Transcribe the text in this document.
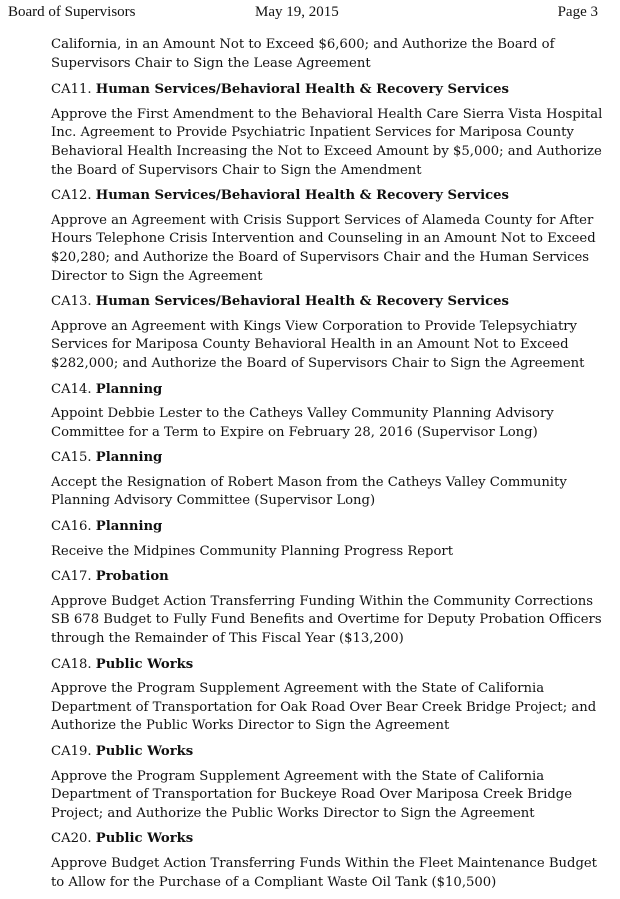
Board of Supervisors	May 19, 2015	Page 3

California, in an Amount Not to Exceed $6,600; and Authorize the Board of Supervisors Chair to Sign the Lease Agreement

CA11. Human Services/Behavioral Health & Recovery Services

Approve the First Amendment to the Behavioral Health Care Sierra Vista Hospital Inc. Agreement to Provide Psychiatric Inpatient Services for Mariposa County Behavioral Health Increasing the Not to Exceed Amount by $5,000; and Authorize the Board of Supervisors Chair to Sign the Amendment

CA12. Human Services/Behavioral Health & Recovery Services

Approve an Agreement with Crisis Support Services of Alameda County for After Hours Telephone Crisis Intervention and Counseling in an Amount Not to Exceed $20,280; and Authorize the Board of Supervisors Chair and the Human Services Director to Sign the Agreement

CA13. Human Services/Behavioral Health & Recovery Services

Approve an Agreement with Kings View Corporation to Provide Telepsychiatry Services for Mariposa County Behavioral Health in an Amount Not to Exceed $282,000; and Authorize the Board of Supervisors Chair to Sign the Agreement

CA14. Planning

Appoint Debbie Lester to the Catheys Valley Community Planning Advisory Committee for a Term to Expire on February 28, 2016 (Supervisor Long)

CA15. Planning

Accept the Resignation of Robert Mason from the Catheys Valley Community Planning Advisory Committee (Supervisor Long)

CA16. Planning

Receive the Midpines Community Planning Progress Report

CA17. Probation

Approve Budget Action Transferring Funding Within the Community Corrections SB 678 Budget to Fully Fund Benefits and Overtime for Deputy Probation Officers through the Remainder of This Fiscal Year ($13,200)

CA18. Public Works

Approve the Program Supplement Agreement with the State of California Department of Transportation for Oak Road Over Bear Creek Bridge Project; and Authorize the Public Works Director to Sign the Agreement

CA19. Public Works

Approve the Program Supplement Agreement with the State of California Department of Transportation for Buckeye Road Over Mariposa Creek Bridge Project; and Authorize the Public Works Director to Sign the Agreement

CA20. Public Works

Approve Budget Action Transferring Funds Within the Fleet Maintenance Budget to Allow for the Purchase of a Compliant Waste Oil Tank ($10,500)
